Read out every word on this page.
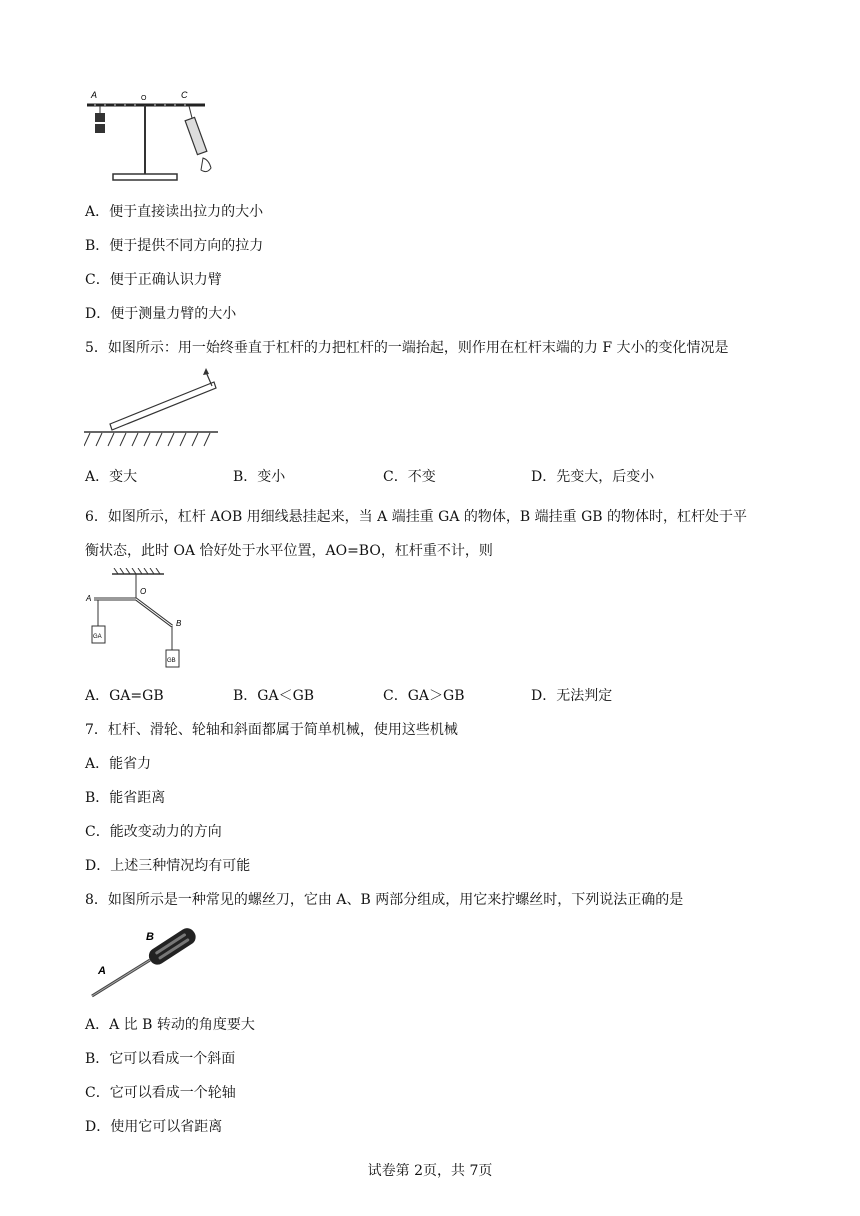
A	O	C
A．便于直接读出拉力的大小
B．便于提供不同方向的拉力
C．便于正确认识力臂
D．便于测量力臂的大小
5．如图所示：用一始终垂直于杠杆的力把杠杆的一端抬起，则作用在杠杆末端的力 F 大小的变化情况是
A．变大	B．变小	C．不变	D．先变大，后变小
6．如图所示，杠杆 AOB 用细线悬挂起来，当 A 端挂重 GA 的物体，B 端挂重 GB 的物体时，杠杆处于平
衡状态，此时 OA 恰好处于水平位置，AO=BO，杠杆重不计，则
A
O
B
GA
GB
A．GA=GB	B．GA＜GB	C．GA＞GB	D．无法判定
7．杠杆、滑轮、轮轴和斜面都属于简单机械，使用这些机械
A．能省力
B．能省距离
C．能改变动力的方向
D．上述三种情况均有可能
8．如图所示是一种常见的螺丝刀，它由 A、B 两部分组成，用它来拧螺丝时，下列说法正确的是
B
A
A．A 比 B 转动的角度要大
B．它可以看成一个斜面
C．它可以看成一个轮轴
D．使用它可以省距离
试卷第 2页，共 7页
